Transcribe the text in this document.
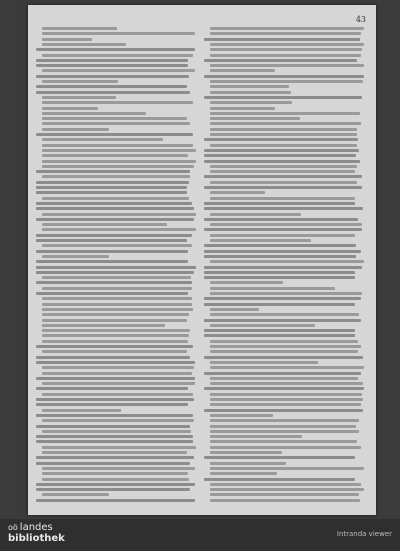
43
oö landes
bibliothek	Intranda viewer
